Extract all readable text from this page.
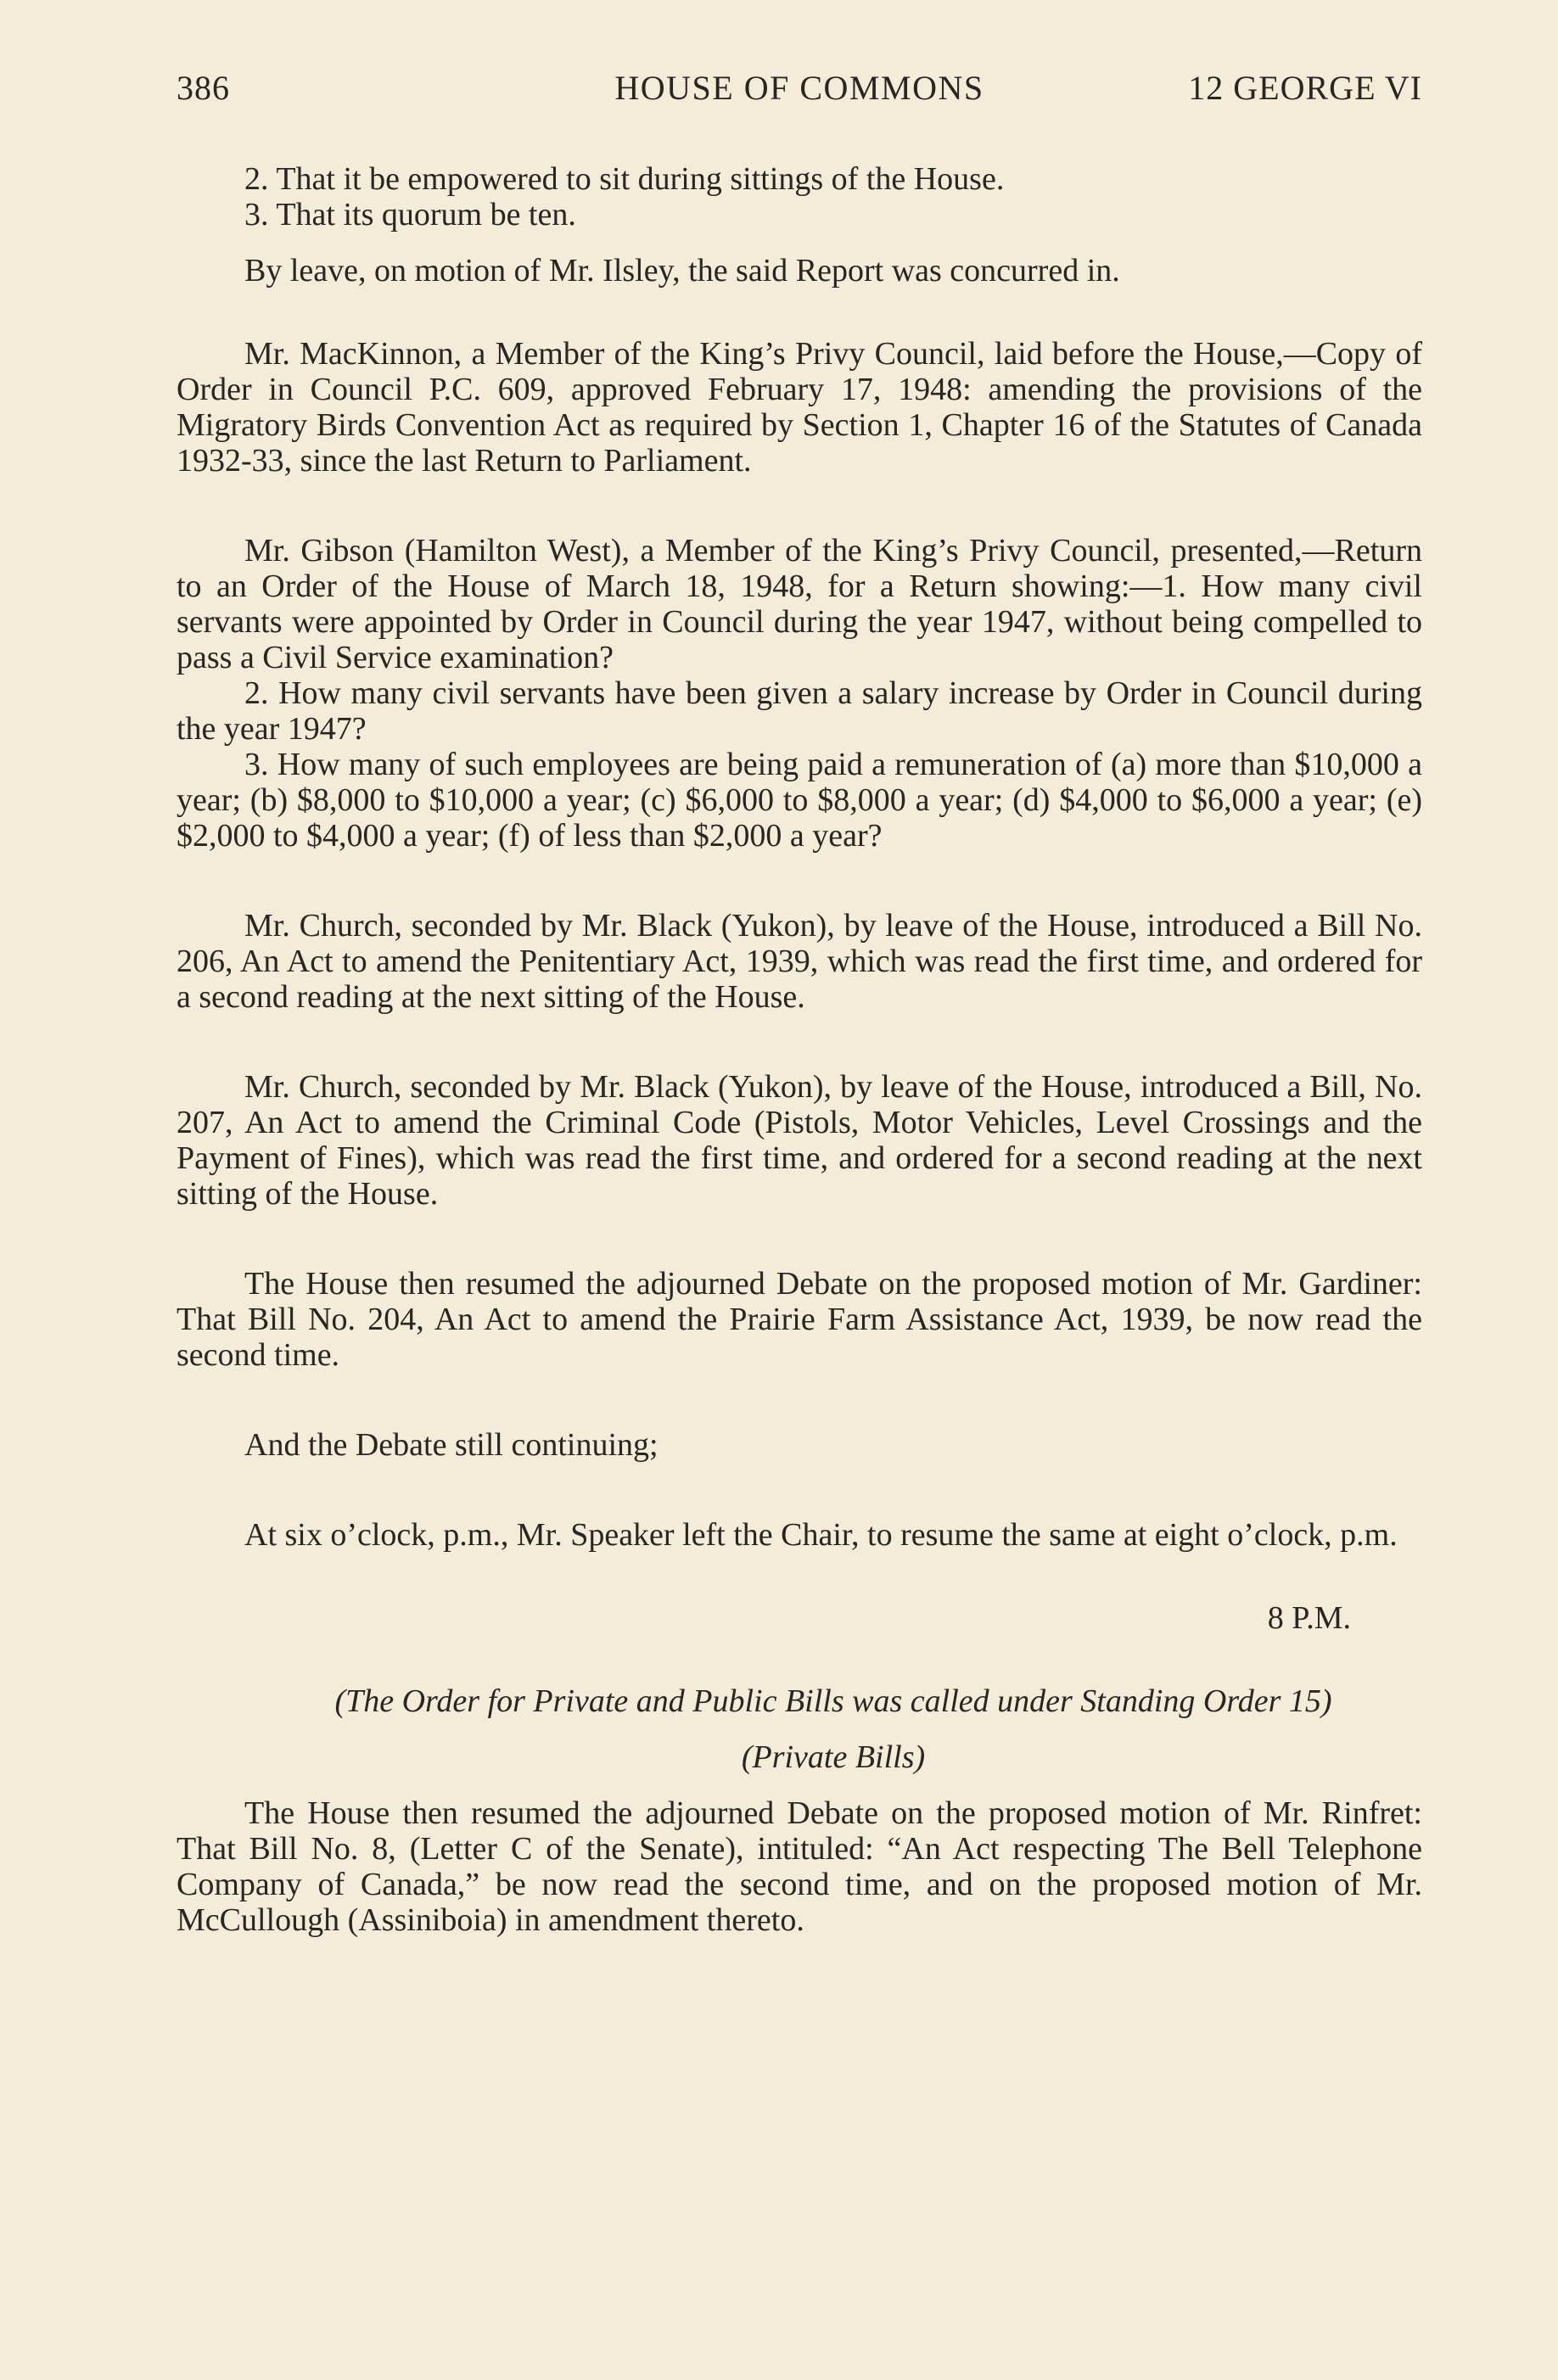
386	HOUSE OF COMMONS	12 GEORGE VI

2. That it be empowered to sit during sittings of the House.

3. That its quorum be ten.

By leave, on motion of Mr. Ilsley, the said Report was concurred in.

Mr. MacKinnon, a Member of the King’s Privy Council, laid before the House,—Copy of Order in Council P.C. 609, approved February 17, 1948: amending the provisions of the Migratory Birds Convention Act as required by Section 1, Chapter 16 of the Statutes of Canada 1932-33, since the last Return to Parliament.

Mr. Gibson (Hamilton West), a Member of the King’s Privy Council, presented,—Return to an Order of the House of March 18, 1948, for a Return showing:—1. How many civil servants were appointed by Order in Council during the year 1947, without being compelled to pass a Civil Service examination?

2. How many civil servants have been given a salary increase by Order in Council during the year 1947?

3. How many of such employees are being paid a remuneration of (a) more than $10,000 a year; (b) $8,000 to $10,000 a year; (c) $6,000 to $8,000 a year; (d) $4,000 to $6,000 a year; (e) $2,000 to $4,000 a year; (f) of less than $2,000 a year?

Mr. Church, seconded by Mr. Black (Yukon), by leave of the House, introduced a Bill No. 206, An Act to amend the Penitentiary Act, 1939, which was read the first time, and ordered for a second reading at the next sitting of the House.

Mr. Church, seconded by Mr. Black (Yukon), by leave of the House, introduced a Bill, No. 207, An Act to amend the Criminal Code (Pistols, Motor Vehicles, Level Crossings and the Payment of Fines), which was read the first time, and ordered for a second reading at the next sitting of the House.

The House then resumed the adjourned Debate on the proposed motion of Mr. Gardiner: That Bill No. 204, An Act to amend the Prairie Farm Assistance Act, 1939, be now read the second time.

And the Debate still continuing;

At six o’clock, p.m., Mr. Speaker left the Chair, to resume the same at eight o’clock, p.m.

8 P.M.

(The Order for Private and Public Bills was called under Standing Order 15)

(Private Bills)

The House then resumed the adjourned Debate on the proposed motion of Mr. Rinfret: That Bill No. 8, (Letter C of the Senate), intituled: “An Act respecting The Bell Telephone Company of Canada,” be now read the second time, and on the proposed motion of Mr. McCullough (Assiniboia) in amendment thereto.
